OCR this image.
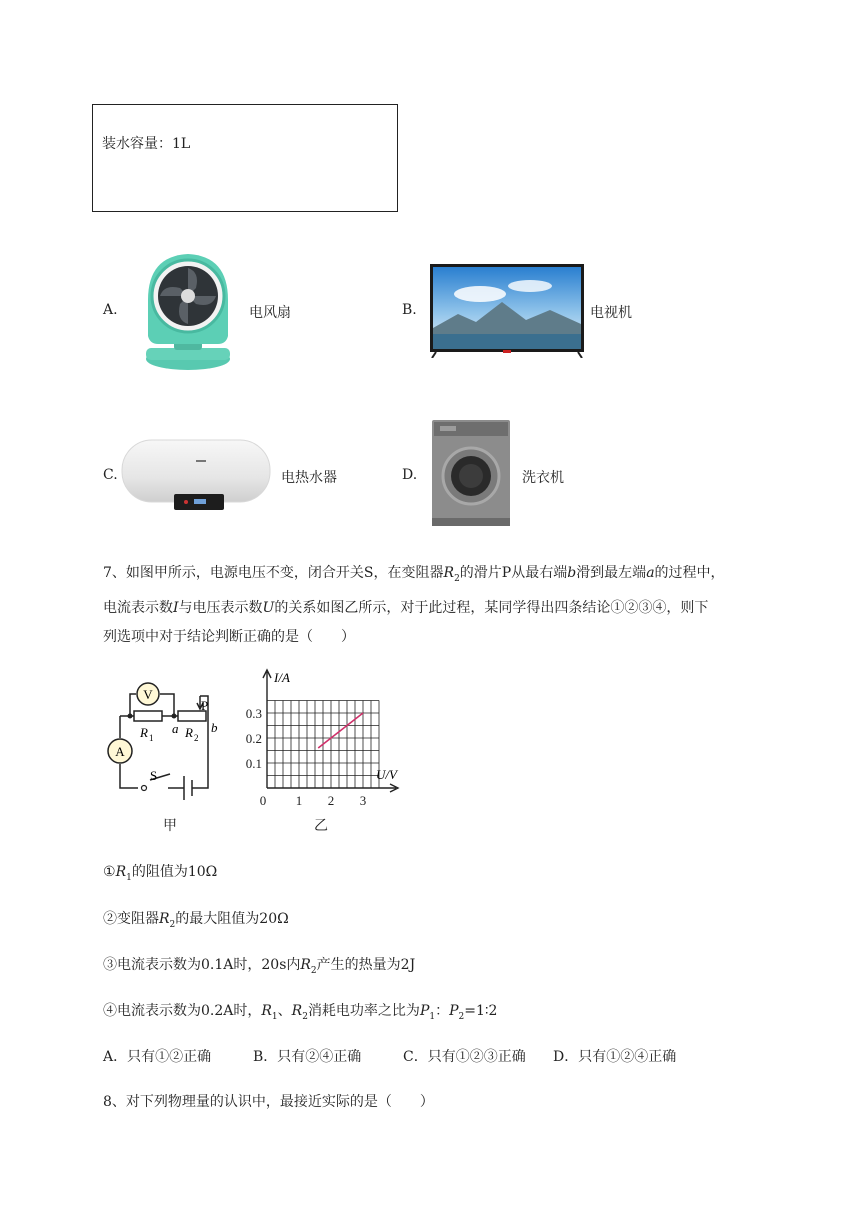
装水容量：1L
A.	电风扇	B.	电视机
C.	电热水器	D.	洗衣机
7、如图甲所示，电源电压不变，闭合开关S，在变阻器$R_2$的滑片P从最右端b滑到最左端a的过程中，
电流表示数I与电压表示数U的关系如图乙所示，对于此过程，某同学得出四条结论①②③④，则下
列选项中对于结论判断正确的是（　　）
V
A
P
R 1
a R 2
b
S
甲
0 1 2 3
0.3
0.2
0.1
I/A
U/V
乙
$①R_1$的阻值为10Ω
②变阻器$R_2$的最大阻值为20Ω
③电流表示数为0.1A时，20s内$R_2$产生的热量为2J
④电流表示数为0.2A时，$R_1$、$R_2$消耗电功率之比为$P_1$：$P_2=1∶2$
A．只有①②正确	B．只有②④正确	C．只有①②③正确 D．只有①②④正确
8、对下列物理量的认识中，最接近实际的是（　　）
